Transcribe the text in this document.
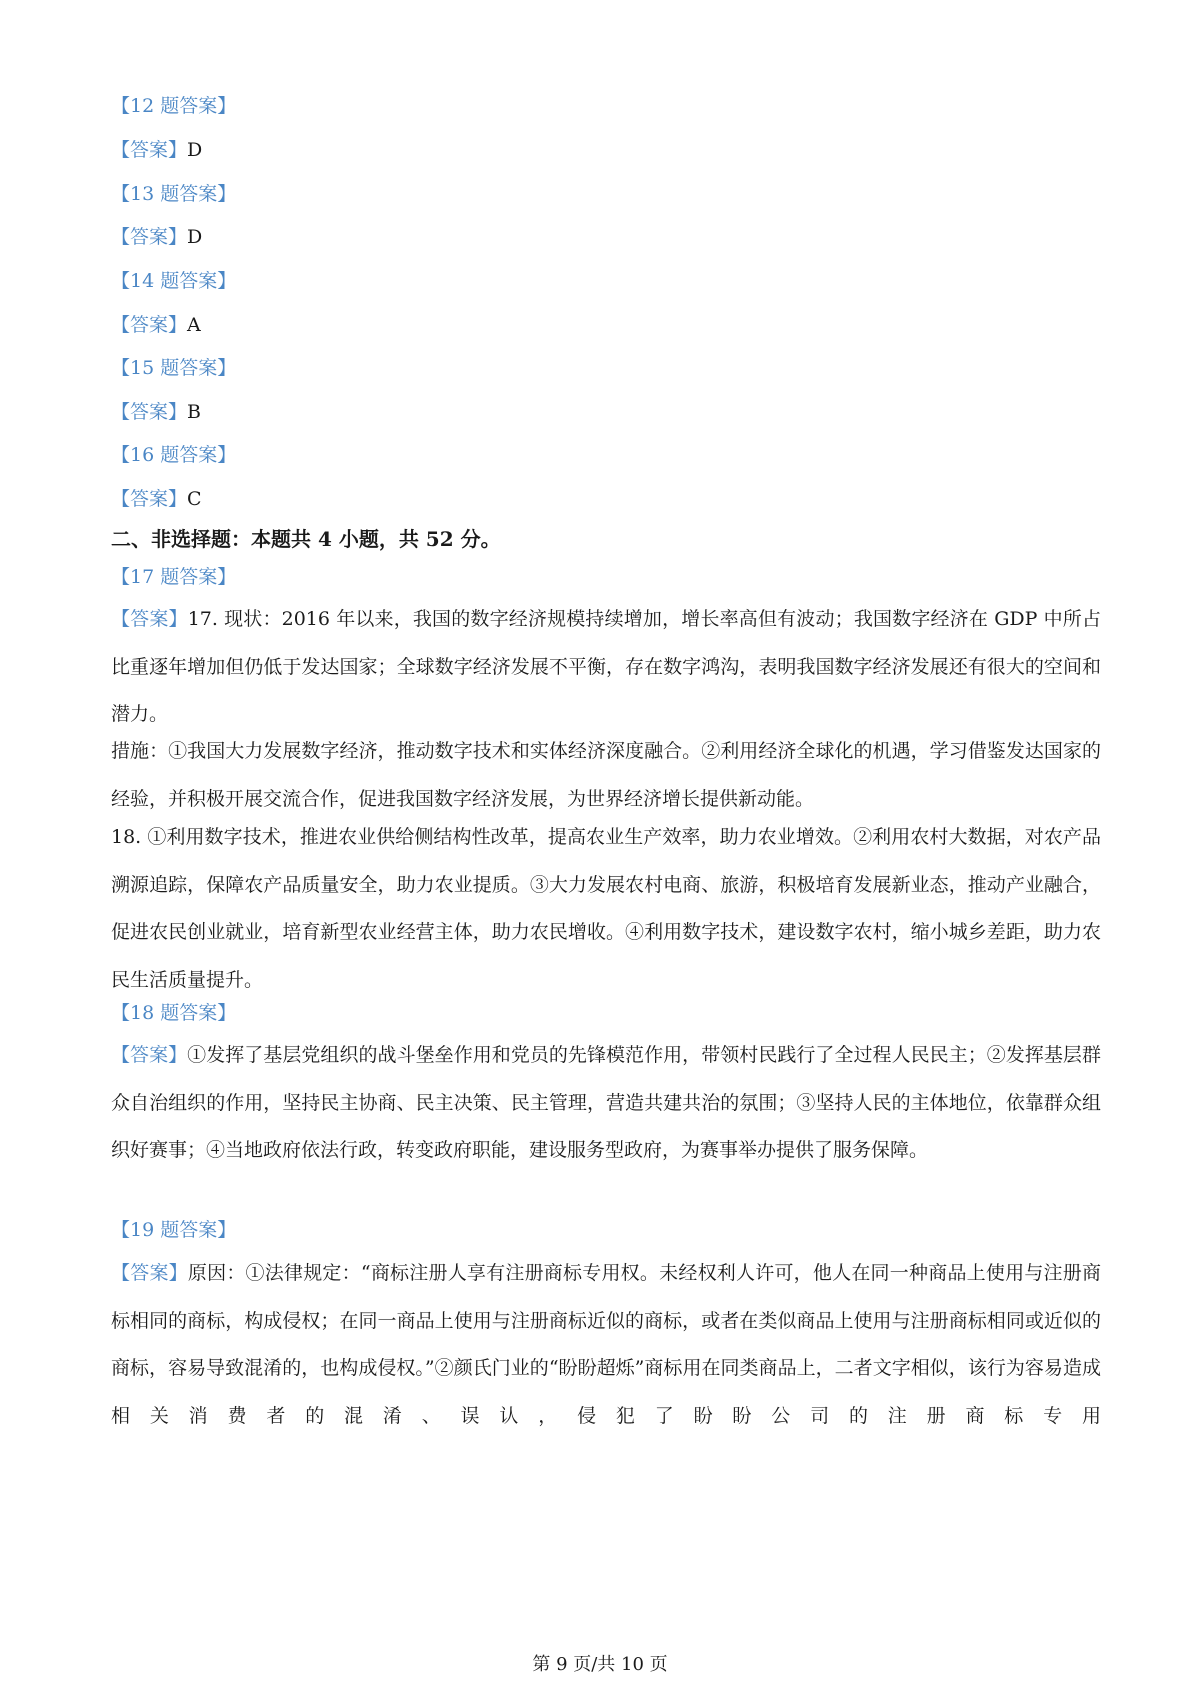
【12 题答案】
【答案】D
【13 题答案】
【答案】D
【14 题答案】
【答案】A
【15 题答案】
【答案】B
【16 题答案】
【答案】C
二、非选择题：本题共 4 小题，共 52 分。
【17 题答案】
【答案】17. 现状：2016 年以来，我国的数字经济规模持续增加，增长率高但有波动；我国数字经济在 GDP 中所占比重逐年增加但仍低于发达国家；全球数字经济发展不平衡，存在数字鸿沟，表明我国数字经济发展还有很大的空间和潜力。
措施：①我国大力发展数字经济，推动数字技术和实体经济深度融合。②利用经济全球化的机遇，学习借鉴发达国家的经验，并积极开展交流合作，促进我国数字经济发展，为世界经济增长提供新动能。
18. ①利用数字技术，推进农业供给侧结构性改革，提高农业生产效率，助力农业增效。②利用农村大数据，对农产品溯源追踪，保障农产品质量安全，助力农业提质。③大力发展农村电商、旅游，积极培育发展新业态，推动产业融合，促进农民创业就业，培育新型农业经营主体，助力农民增收。④利用数字技术，建设数字农村，缩小城乡差距，助力农民生活质量提升。
【18 题答案】
【答案】①发挥了基层党组织的战斗堡垒作用和党员的先锋模范作用，带领村民践行了全过程人民民主；②发挥基层群众自治组织的作用，坚持民主协商、民主决策、民主管理，营造共建共治的氛围；③坚持人民的主体地位，依靠群众组织好赛事；④当地政府依法行政，转变政府职能，建设服务型政府，为赛事举办提供了服务保障。
【19 题答案】
【答案】原因：①法律规定：“商标注册人享有注册商标专用权。未经权利人许可，他人在同一种商品上使用与注册商标相同的商标，构成侵权；在同一商品上使用与注册商标近似的商标，或者在类似商品上使用与注册商标相同或近似的商标，容易导致混淆的，也构成侵权。”②颜氏门业的“盼盼超烁”商标用在同类商品上，二者文字相似，该行为容易造成相关消费者的混淆、误认，侵犯了盼盼公司的注册商标专用
第 9 页/共 10 页
